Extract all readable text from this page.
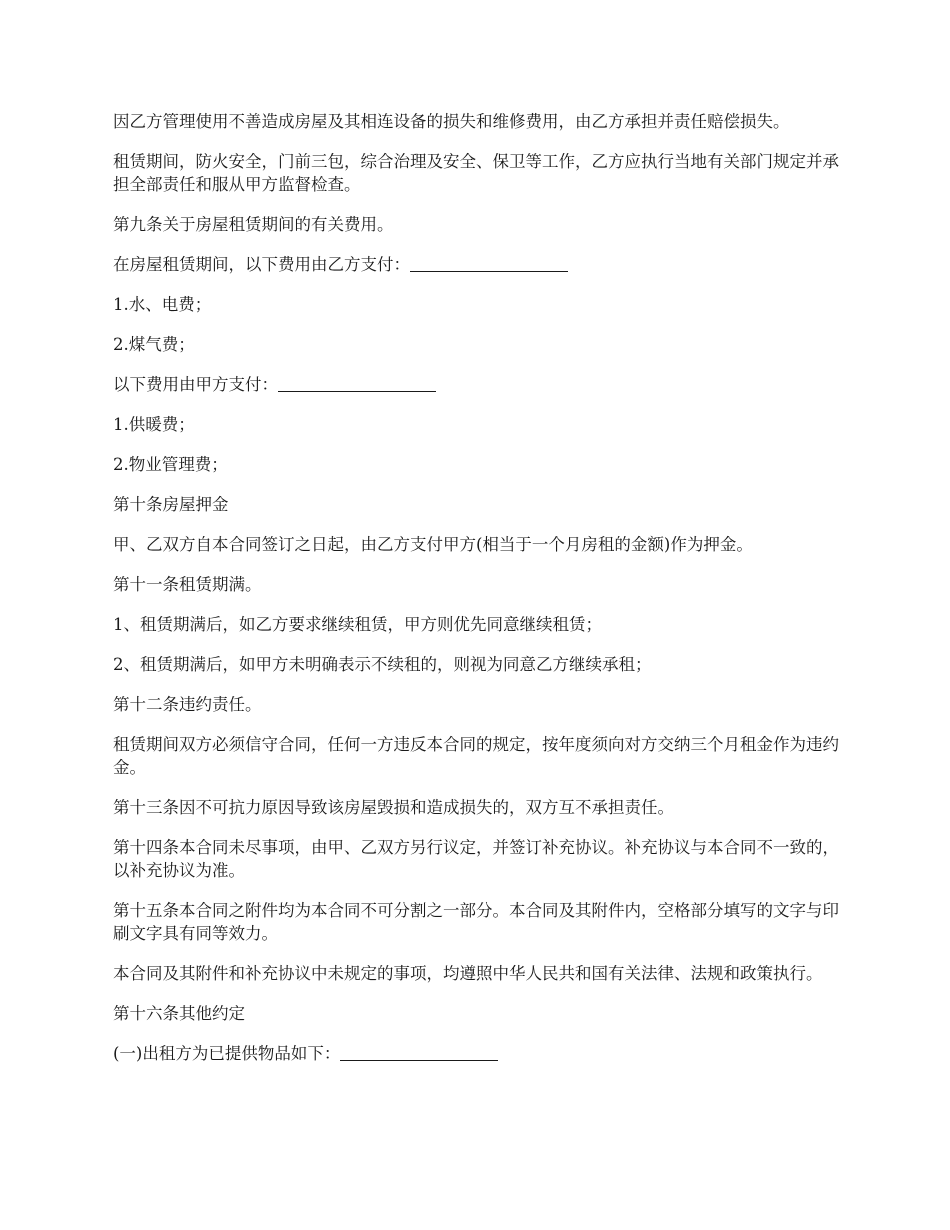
因乙方管理使用不善造成房屋及其相连设备的损失和维修费用，由乙方承担并责任赔偿损失。

租赁期间，防火安全，门前三包，综合治理及安全、保卫等工作，乙方应执行当地有关部门规定并承担全部责任和服从甲方监督检查。

第九条关于房屋租赁期间的有关费用。

在房屋租赁期间，以下费用由乙方支付：

1.水、电费；

2.煤气费；

以下费用由甲方支付：

1.供暖费；

2.物业管理费；

第十条房屋押金

甲、乙双方自本合同签订之日起，由乙方支付甲方(相当于一个月房租的金额)作为押金。

第十一条租赁期满。

1、租赁期满后，如乙方要求继续租赁，甲方则优先同意继续租赁；

2、租赁期满后，如甲方未明确表示不续租的，则视为同意乙方继续承租；

第十二条违约责任。

租赁期间双方必须信守合同，任何一方违反本合同的规定，按年度须向对方交纳三个月租金作为违约金。

第十三条因不可抗力原因导致该房屋毁损和造成损失的，双方互不承担责任。

第十四条本合同未尽事项，由甲、乙双方另行议定，并签订补充协议。补充协议与本合同不一致的，以补充协议为准。

第十五条本合同之附件均为本合同不可分割之一部分。本合同及其附件内，空格部分填写的文字与印刷文字具有同等效力。

本合同及其附件和补充协议中未规定的事项，均遵照中华人民共和国有关法律、法规和政策执行。

第十六条其他约定

(一)出租方为已提供物品如下：
